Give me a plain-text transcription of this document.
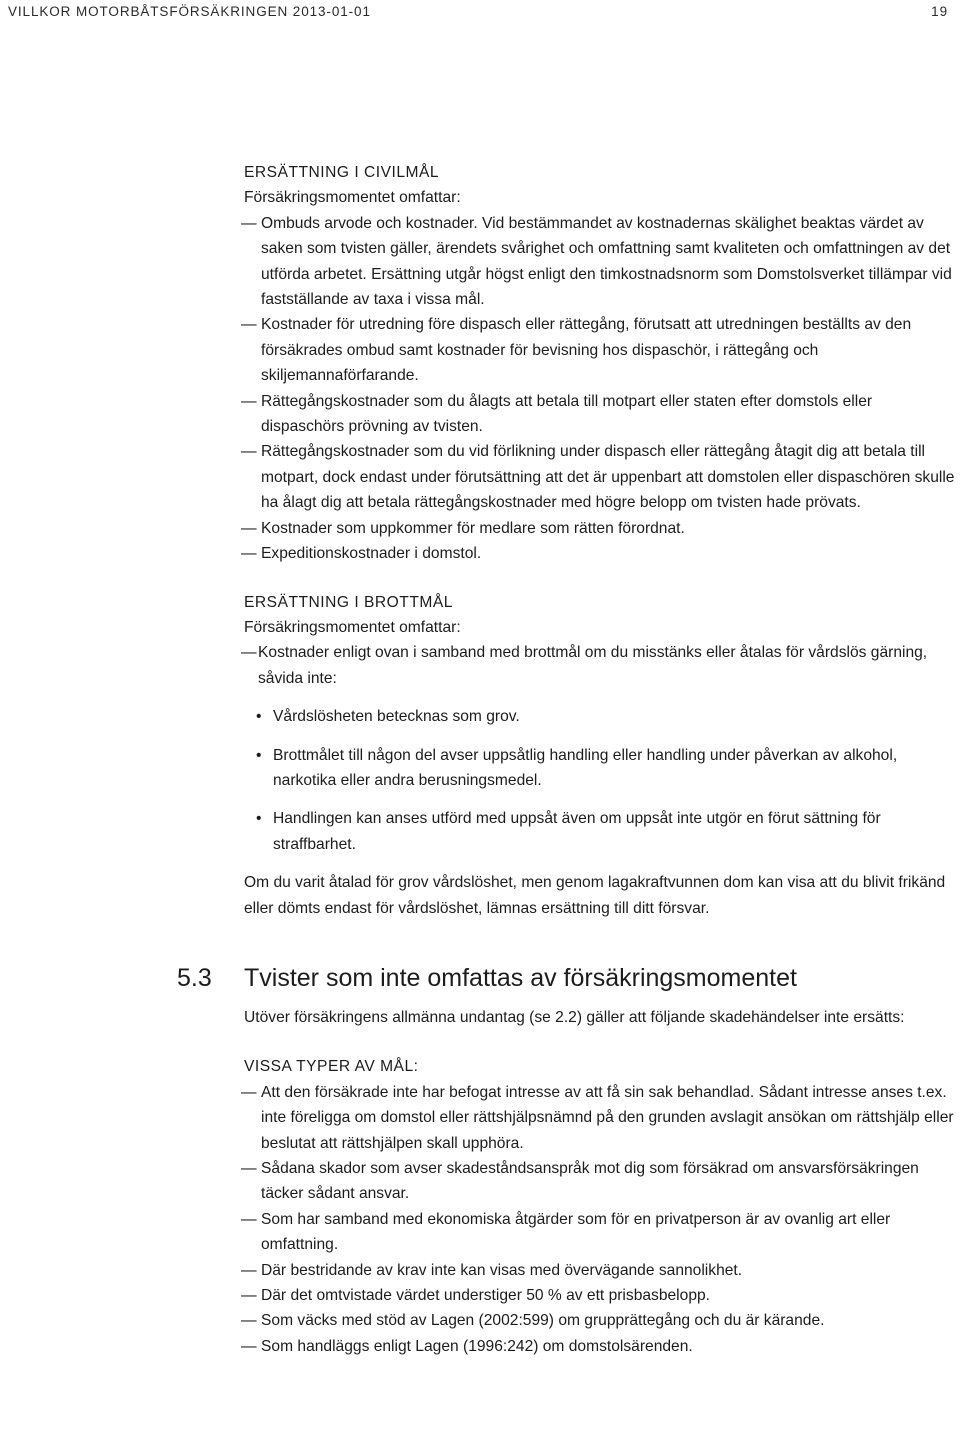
VILLKOR MOTORBÅTSFÖRSÄKRINGEN 2013-01-01	19

ERSÄTTNING I CIVILMÅL

Försäkringsmomentet omfattar:

— Ombuds arvode och kostnader. Vid bestämmandet av kostnadernas skälighet beaktas värdet av saken som tvisten gäller, ärendets svårighet och omfattning samt kvaliteten och omfattningen av det utförda arbetet. Ersättning utgår högst enligt den timkostnadsnorm som Domstolsverket tillämpar vid fastställande av taxa i vissa mål.
— Kostnader för utredning före dispasch eller rättegång, förutsatt att utredningen beställts av den försäkrades ombud samt kostnader för bevisning hos dispaschör, i rättegång och skiljemannaförfarande.
— Rättegångskostnader som du ålagts att betala till motpart eller staten efter domstols eller dispaschörs prövning av tvisten.
— Rättegångskostnader som du vid förlikning under dispasch eller rättegång åtagit dig att betala till motpart, dock endast under förutsättning att det är uppenbart att domstolen eller dispaschören skulle ha ålagt dig att betala rättegångskostnader med högre belopp om tvisten hade prövats.
— Kostnader som uppkommer för medlare som rätten förordnat.
— Expeditionskostnader i domstol.

ERSÄTTNING I BROTTMÅL

Försäkringsmomentet omfattar:

— Kostnader enligt ovan i samband med brottmål om du misstänks eller åtalas för vårdslös gärning, såvida inte:
• Vårdslösheten betecknas som grov.
• Brottmålet till någon del avser uppsåtlig handling eller handling under påverkan av alkohol, narkotika eller andra berusningsmedel.
• Handlingen kan anses utförd med uppsåt även om uppsåt inte utgör en förut sättning för straffbarhet.

Om du varit åtalad för grov vårdslöshet, men genom lagakraftvunnen dom kan visa att du blivit frikänd eller dömts endast för vårdslöshet, lämnas ersättning till ditt försvar.

5.3 Tvister som inte omfattas av försäkringsmomentet

Utöver försäkringens allmänna undantag (se 2.2) gäller att följande skadehändelser inte ersätts:

VISSA TYPER AV MÅL:

— Att den försäkrade inte har befogat intresse av att få sin sak behandlad. Sådant intresse anses t.ex. inte föreligga om domstol eller rättshjälpsnämnd på den grunden avslagit ansökan om rättshjälp eller beslutat att rättshjälpen skall upphöra.
— Sådana skador som avser skadeståndsanspråk mot dig som försäkrad om ansvarsförsäkringen täcker sådant ansvar.
— Som har samband med ekonomiska åtgärder som för en privatperson är av ovanlig art eller omfattning.
— Där bestridande av krav inte kan visas med övervägande sannolikhet.
— Där det omtvistade värdet understiger 50 % av ett prisbasbelopp.
— Som väcks med stöd av Lagen (2002:599) om grupprättegång och du är kärande.
— Som handläggs enligt Lagen (1996:242) om domstolsärenden.
